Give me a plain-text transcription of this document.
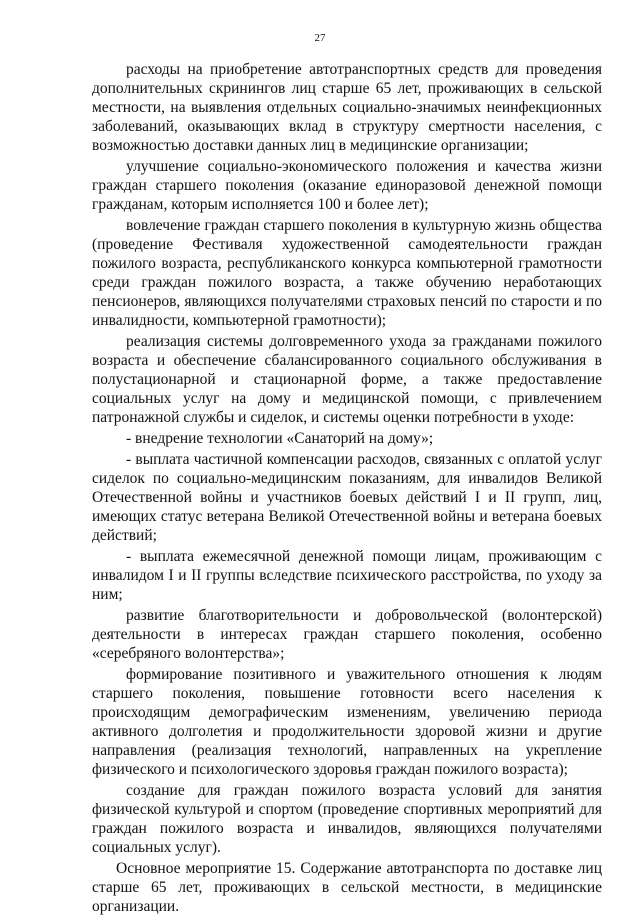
27

расходы на приобретение автотранспортных средств для проведения дополнительных скринингов лиц старше 65 лет, проживающих в сельской местности, на выявления отдельных социально-значимых неинфекционных заболеваний, оказывающих вклад в структуру смертности населения, с возможностью доставки данных лиц в медицинские организации;

улучшение социально-экономического положения и качества жизни граждан старшего поколения (оказание единоразовой денежной помощи гражданам, которым исполняется 100 и более лет);

вовлечение граждан старшего поколения в культурную жизнь общества (проведение Фестиваля художественной самодеятельности граждан пожилого возраста, республиканского конкурса компьютерной грамотности среди граждан пожилого возраста, а также обучению неработающих пенсионеров, являющихся получателями страховых пенсий по старости и по инвалидности, компьютерной грамотности);

реализация системы долговременного ухода за гражданами пожилого возраста и обеспечение сбалансированного социального обслуживания в полустационарной и стационарной форме, а также предоставление социальных услуг на дому и медицинской помощи, с привлечением патронажной службы и сиделок, и системы оценки потребности в уходе:

- внедрение технологии «Санаторий на дому»;

- выплата частичной компенсации расходов, связанных с оплатой услуг сиделок по социально-медицинским показаниям, для инвалидов Великой Отечественной войны и участников боевых действий I и II групп, лиц, имеющих статус ветерана Великой Отечественной войны и ветерана боевых действий;

- выплата ежемесячной денежной помощи лицам, проживающим с инвалидом I и II группы вследствие психического расстройства, по уходу за ним;

развитие благотворительности и добровольческой (волонтерской) деятельности в интересах граждан старшего поколения, особенно «серебряного волонтерства»;

формирование позитивного и уважительного отношения к людям старшего поколения, повышение готовности всего населения к происходящим демографическим изменениям, увеличению периода активного долголетия и продолжительности здоровой жизни и другие направления (реализация технологий, направленных на укрепление физического и психологического здоровья граждан пожилого возраста);

создание для граждан пожилого возраста условий для занятия физической культурой и спортом (проведение спортивных мероприятий для граждан пожилого возраста и инвалидов, являющихся получателями социальных услуг).

Основное мероприятие 15. Содержание автотранспорта по доставке лиц старше 65 лет, проживающих в сельской местности, в медицинские организации.
